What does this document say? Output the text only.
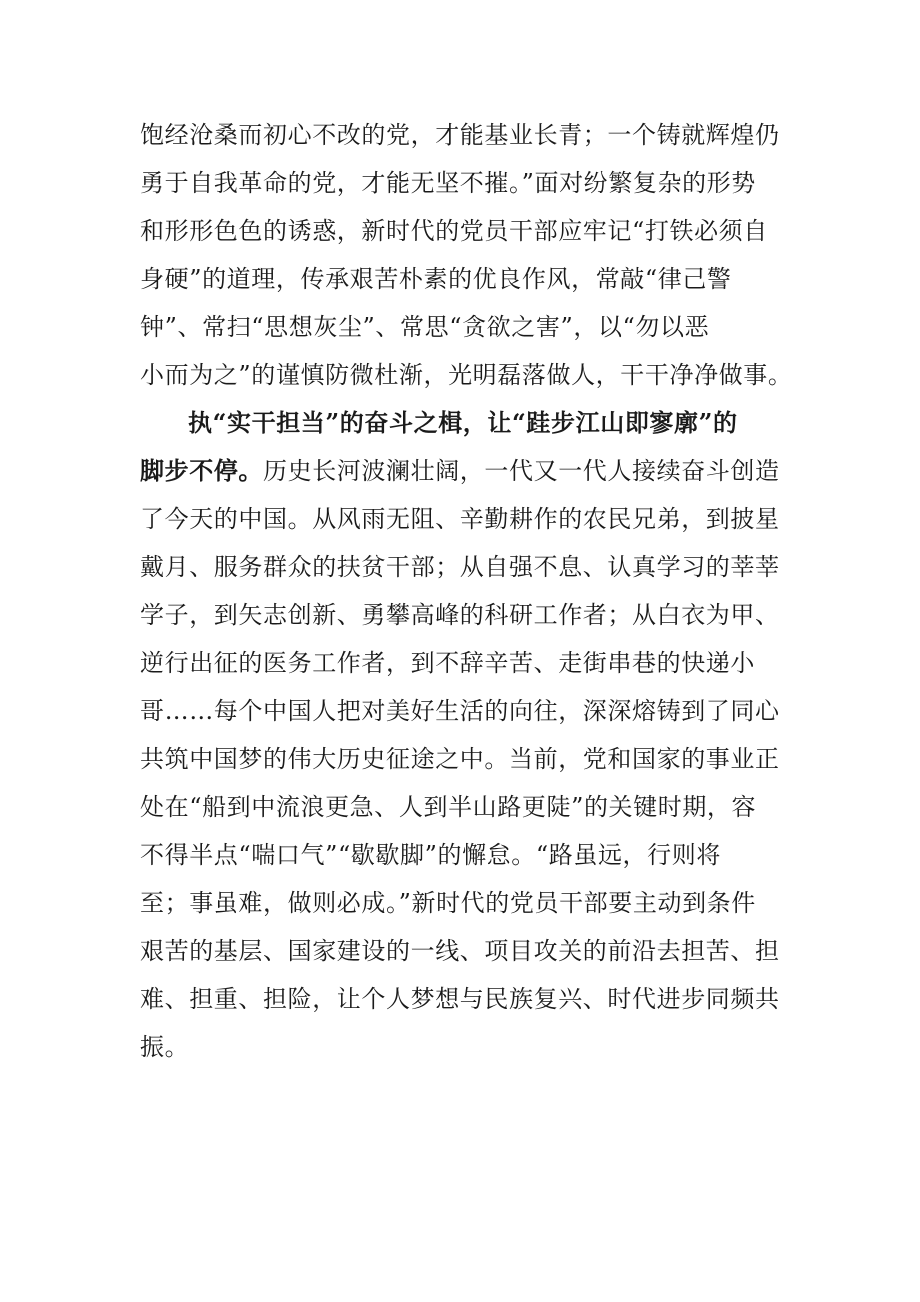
饱经沧桑而初心不改的党，才能基业长青；一个铸就辉煌仍
勇于自我革命的党，才能无坚不摧。”面对纷繁复杂的形势
和形形色色的诱惑，新时代的党员干部应牢记“打铁必须自
身硬”的道理，传承艰苦朴素的优良作风，常敲“律己警
钟”、常扫“思想灰尘”、常思“贪欲之害”，以“勿以恶
小而为之”的谨慎防微杜渐，光明磊落做人，干干净净做事。
执“实干担当”的奋斗之楫，让“跬步江山即寥廓”的
脚步不停。历史长河波澜壮阔，一代又一代人接续奋斗创造
了今天的中国。从风雨无阻、辛勤耕作的农民兄弟，到披星
戴月、服务群众的扶贫干部；从自强不息、认真学习的莘莘
学子，到矢志创新、勇攀高峰的科研工作者；从白衣为甲、
逆行出征的医务工作者，到不辞辛苦、走街串巷的快递小
哥……每个中国人把对美好生活的向往，深深熔铸到了同心
共筑中国梦的伟大历史征途之中。当前，党和国家的事业正
处在“船到中流浪更急、人到半山路更陡”的关键时期，容
不得半点“喘口气”“歇歇脚”的懈怠。“路虽远，行则将
至；事虽难，做则必成。”新时代的党员干部要主动到条件
艰苦的基层、国家建设的一线、项目攻关的前沿去担苦、担
难、担重、担险，让个人梦想与民族复兴、时代进步同频共
振。
